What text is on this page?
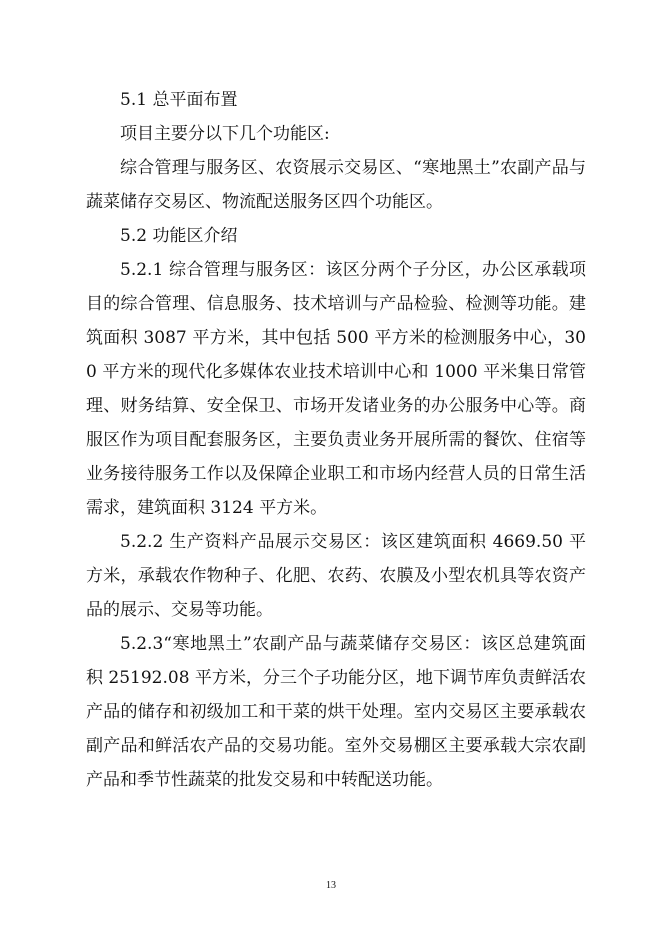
5.1 总平面布置

项目主要分以下几个功能区:

综合管理与服务区、农资展示交易区、“寒地黑土”农副产品与蔬菜储存交易区、物流配送服务区四个功能区。

5.2 功能区介绍

5.2.1 综合管理与服务区：该区分两个子分区，办公区承载项目的综合管理、信息服务、技术培训与产品检验、检测等功能。建筑面积 3087 平方米，其中包括 500 平方米的检测服务中心，300 平方米的现代化多媒体农业技术培训中心和 1000 平米集日常管理、财务结算、安全保卫、市场开发诸业务的办公服务中心等。商服区作为项目配套服务区，主要负责业务开展所需的餐饮、住宿等业务接待服务工作以及保障企业职工和市场内经营人员的日常生活需求，建筑面积 3124 平方米。

5.2.2 生产资料产品展示交易区：该区建筑面积 4669.50 平方米，承载农作物种子、化肥、农药、农膜及小型农机具等农资产品的展示、交易等功能。

5.2.3“寒地黑土”农副产品与蔬菜储存交易区：该区总建筑面积 25192.08 平方米，分三个子功能分区，地下调节库负责鲜活农产品的储存和初级加工和干菜的烘干处理。室内交易区主要承载农副产品和鲜活农产品的交易功能。室外交易棚区主要承载大宗农副产品和季节性蔬菜的批发交易和中转配送功能。

13
